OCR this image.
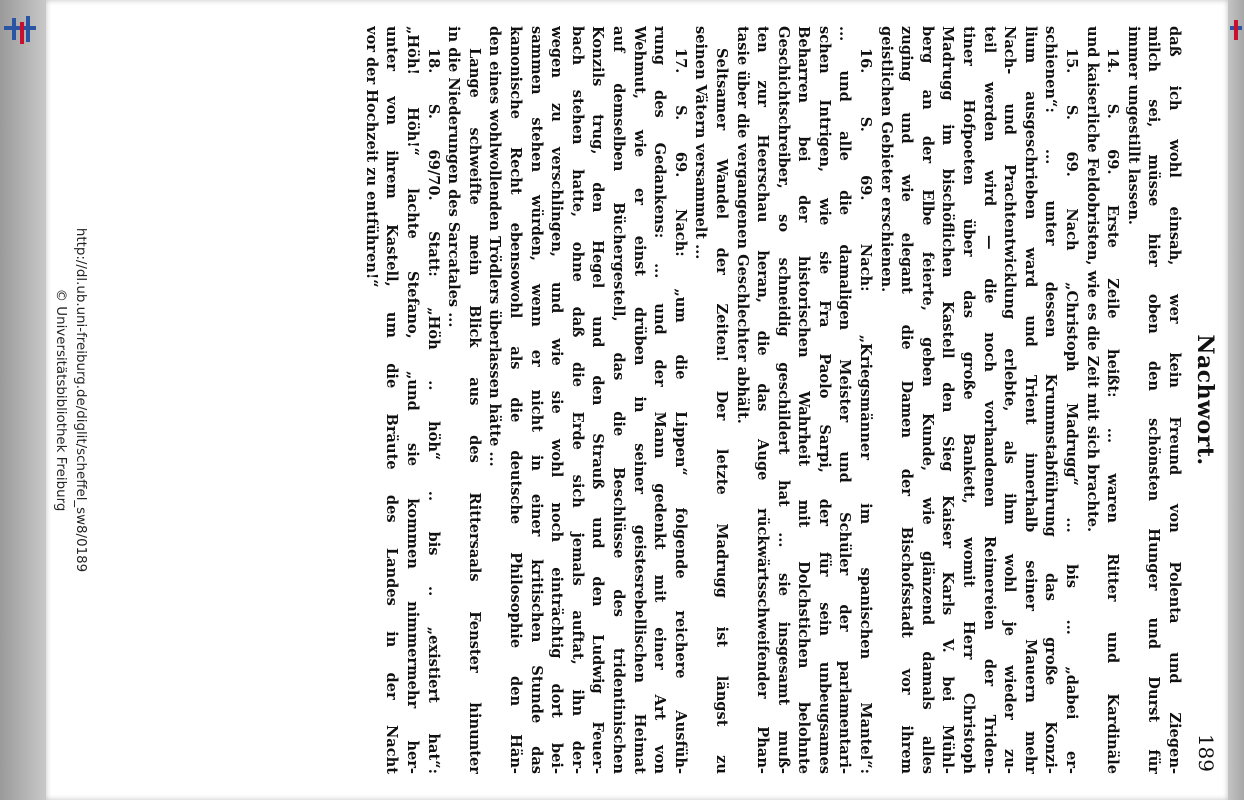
Nachwort.
189
daß ich wohl einsah, wer kein Freund von Polenta und Ziegen-
milch sei, müsse hier oben den schönsten Hunger und Durst für
immer ungestillt lassen.
14. S. 69. Erste Zeile heißt: ... waren Ritter und Kardinäle
und kaiserliche Feldobristen, wie es die Zeit mit sich brachte.
15. S. 69. Nach „Christoph Madrugg“ ... bis ... „dabei er-
schienen“: ... unter dessen Krummstabführung das große Konzi-
lium ausgeschrieben ward und Trient innerhalb seiner Mauern mehr
Nach- und Prachtentwicklung erlebte, als ihm wohl je wieder zu-
teil werden wird — die noch vorhandenen Reimereien der Triden-
tiner Hofpoeten über das große Bankett, womit Herr Christoph
Madrugg im bischöflichen Kastell den Sieg Kaiser Karls V. bei Mühl-
berg an der Elbe feierte, geben Kunde, wie glänzend damals alles
zuging und wie elegant die Damen der Bischofsstadt vor ihrem
geistlichen Gebieter erschienen.
16. S. 69. Nach: „Kriegsmänner im spanischen Mantel“:
... und alle die damaligen Meister und Schüler der parlamentari-
schen Intrigen, wie sie Fra Paolo Sarpi, der für sein unbeugsames
Beharren bei der historischen Wahrheit mit Dolchstichen belohnte
Geschichtschreiber, so schneidig geschildert hat ... sie insgesamt muß-
ten zur Heerschau heran, die das Auge rückwärtsschweifender Phan-
tasie über die vergangenen Geschlechter abhält.
Seltsamer Wandel der Zeiten! Der letzte Madrugg ist längst zu
seinen Vätern versammelt ...
17. S. 69. Nach: „um die Lippen“ folgende reichere Ausfüh-
rung des Gedankens: ... und der Mann gedenkt mit einer Art von
Wehmut, wie er einst drüben in seiner geistesrebellischen Heimat
auf demselben Büchergestell, das die Beschlüsse des tridentinischen
Konzils trug, den Hegel und den Strauß und den Ludwig Feuer-
bach stehen hatte, ohne daß die Erde sich jemals auftat, ihn der-
wegen zu verschlingen, und wie sie wohl noch einträchtig dort bei-
sammen stehen würden, wenn er nicht in einer kritischen Stunde das
kanonische Recht ebensowohl als die deutsche Philosophie den Hän-
den eines wohlwollenden Trödlers überlassen hätte ...
Lange schweifte mein Blick aus des Rittersaals Fenster hinunter
in die Niederungen des Sarcatales ...
18. S. 69/70. Statt: „Höh .. höh“ .. bis .. „existiert hat“:
„Höh! Höh!“ lachte Stefano, „und sie kommen nimmermehr her-
unter von ihrem Kastell, um die Bräute des Landes in der Nacht
vor der Hochzeit zu entführen!“
http://dl.ub.uni-freiburg.de/diglit/scheffel_sw8/0189
© Universitätsbibliothek Freiburg
